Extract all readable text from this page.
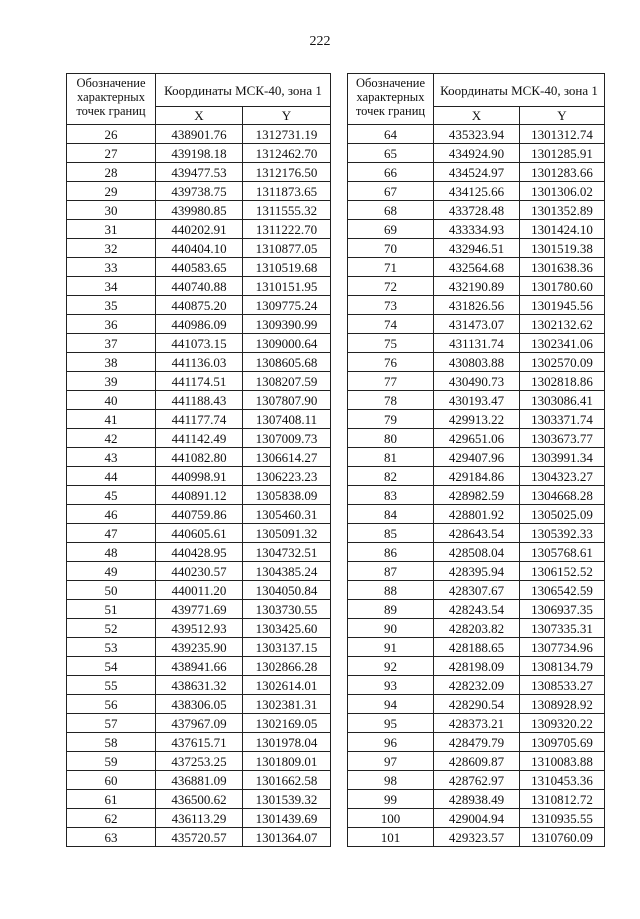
222
Обозначение характерных точек границ	Координаты МСК-40, зона 1	
	X	Y
26	438901.76	1312731.19
27	439198.18	1312462.70
28	439477.53	1312176.50
29	439738.75	1311873.65
30	439980.85	1311555.32
31	440202.91	1311222.70
32	440404.10	1310877.05
33	440583.65	1310519.68
34	440740.88	1310151.95
35	440875.20	1309775.24
36	440986.09	1309390.99
37	441073.15	1309000.64
38	441136.03	1308605.68
39	441174.51	1308207.59
40	441188.43	1307807.90
41	441177.74	1307408.11
42	441142.49	1307009.73
43	441082.80	1306614.27
44	440998.91	1306223.23
45	440891.12	1305838.09
46	440759.86	1305460.31
47	440605.61	1305091.32
48	440428.95	1304732.51
49	440230.57	1304385.24
50	440011.20	1304050.84
51	439771.69	1303730.55
52	439512.93	1303425.60
53	439235.90	1303137.15
54	438941.66	1302866.28
55	438631.32	1302614.01
56	438306.05	1302381.31
57	437967.09	1302169.05
58	437615.71	1301978.04
59	437253.25	1301809.01
60	436881.09	1301662.58
61	436500.62	1301539.32
62	436113.29	1301439.69
63	435720.57	1301364.07
Обозначение характерных точек границ	Координаты МСК-40, зона 1	
	X	Y
64	435323.94	1301312.74
65	434924.90	1301285.91
66	434524.97	1301283.66
67	434125.66	1301306.02
68	433728.48	1301352.89
69	433334.93	1301424.10
70	432946.51	1301519.38
71	432564.68	1301638.36
72	432190.89	1301780.60
73	431826.56	1301945.56
74	431473.07	1302132.62
75	431131.74	1302341.06
76	430803.88	1302570.09
77	430490.73	1302818.86
78	430193.47	1303086.41
79	429913.22	1303371.74
80	429651.06	1303673.77
81	429407.96	1303991.34
82	429184.86	1304323.27
83	428982.59	1304668.28
84	428801.92	1305025.09
85	428643.54	1305392.33
86	428508.04	1305768.61
87	428395.94	1306152.52
88	428307.67	1306542.59
89	428243.54	1306937.35
90	428203.82	1307335.31
91	428188.65	1307734.96
92	428198.09	1308134.79
93	428232.09	1308533.27
94	428290.54	1308928.92
95	428373.21	1309320.22
96	428479.79	1309705.69
97	428609.87	1310083.88
98	428762.97	1310453.36
99	428938.49	1310812.72
100	429004.94	1310935.55
101	429323.57	1310760.09
